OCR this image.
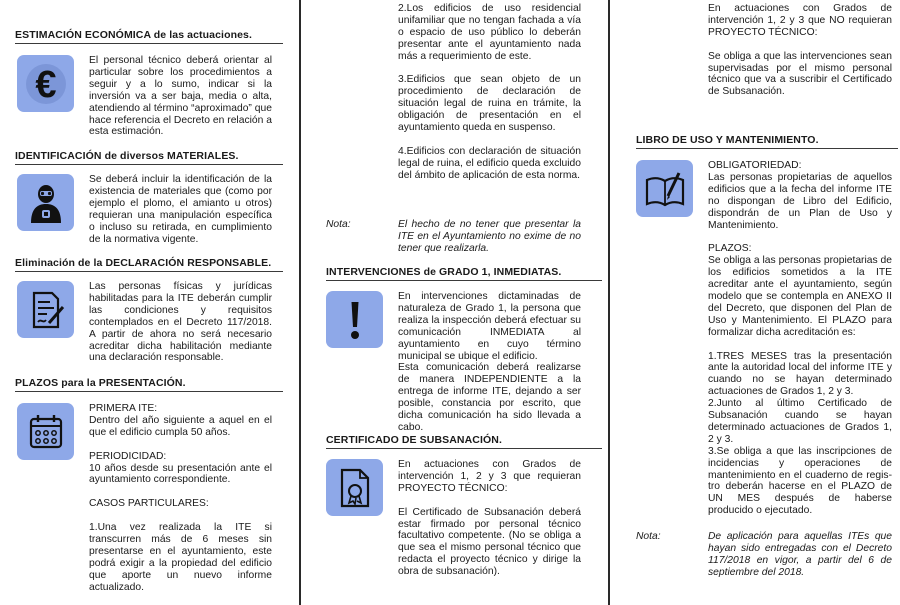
ESTIMACIÓN ECONÓMICA de las actuaciones.
€
El personal técnico deberá orientar al particular sobre los procedimientos a seguir y a lo sumo, indicar si la inversión va a ser baja, media o alta, atendiendo al término “aproximado” que hace referencia el Decreto en relación a esta estimación.
IDENTIFICACIÓN de diversos MATERIALES.
Se deberá incluir la identificación de la existencia de materiales que (como por ejemplo el plomo, el amianto u otros) requieran una manipulación específica o incluso su retirada, en cumplimiento de la normativa vigente.
Eliminación de la DECLARACIÓN RESPONSABLE.
Las personas físicas y jurídicas habilitadas para la ITE deberán cumplir las condiciones y requisitos contemplados en el Decreto 117/2018. A partir de ahora no será necesario acreditar dicha habilitación mediante una declaración responsable.
PLAZOS para la PRESENTACIÓN.
PRIMERA ITE:
Dentro del año siguiente a aquel en el que el edificio cumpla 50 años.

PERIODICIDAD:
10 años desde su presentación ante el ayuntamiento correspondiente.

CASOS PARTICULARES:

1.Una vez realizada la ITE si transcurren más de 6 meses sin presentarse en el ayuntamiento, este podrá exigir a la propiedad del edificio que aporte un nuevo informe actualizado.
2.Los edificios de uso residencial unifamiliar que no tengan fachada a vía o espacio de uso público lo deberán presentar ante el ayuntamiento nada más a requerimiento de este.

3.Edificios que sean objeto de un procedimiento de declaración de situación legal de ruina en trámite, la obligación de presentación en el ayuntamiento queda en suspenso.

4.Edificios con declaración de situación legal de ruina, el edificio queda excluido del ámbito de aplicación de esta norma.
Nota:	El hecho de no tener que presentar la ITE en el Ayuntamiento no exime de no tener que realizarla.
INTERVENCIONES de GRADO 1, INMEDIATAS.
En intervenciones dictaminadas de naturaleza de Grado 1, la persona que realiza la inspección deberá efectuar su comunicación INMEDIATA al ayuntamiento en cuyo término municipal se ubique el edificio.
Esta comunicación deberá realizarse de manera INDEPENDIENTE a la entrega de informe ITE, dejando a ser posible, constancia por escrito, que dicha comunicación ha sido llevada a cabo.
CERTIFICADO DE SUBSANACIÓN.
En actuaciones con Grados de intervención 1, 2 y 3 que requieran PROYECTO TÉCNICO:

El Certificado de Subsanación deberá estar firmado por personal técnico facultativo competente. (No se obliga a que sea el mismo personal técnico que redacta el proyecto técnico y dirige la obra de subsanación).
En actuaciones con Grados de intervención 1, 2 y 3 que NO requieran PROYECTO TÉCNICO:

Se obliga a que las intervenciones sean supervisadas por el mismo personal técnico que va a suscribir el Certificado de Subsanación.
LIBRO DE USO Y MANTENIMIENTO.
OBLIGATORIEDAD:
Las personas propietarias de aquellos edificios que a la fecha del informe ITE no dispongan de Libro del Edificio, dispondrán de un Plan de Uso y Mantenimiento.

PLAZOS:
Se obliga a las personas propietarias de los edificios sometidos a la ITE acreditar ante el ayuntamiento, según modelo que se contempla en ANEXO II del Decreto, que disponen del Plan de Uso y Mantenimiento. El PLAZO para formalizar dicha acreditación es:

1.TRES MESES tras la presentación ante la autoridad local del informe ITE y cuando no se hayan determinado actuaciones de Grados 1, 2 y 3.
2.Junto al último Certificado de Subsanación cuando se hayan determinado actuaciones de Grados 1, 2 y 3.
3.Se obliga a que las inscripciones de incidencias y operaciones de mantenimiento en el cuaderno de regis-tro deberán hacerse en el PLAZO de UN MES después de haberse producido o ejecutado.
Nota:	De aplicación para aquellas ITEs que hayan sido entregadas con el Decreto 117/2018 en vigor, a partir del 6 de septiembre del 2018.
